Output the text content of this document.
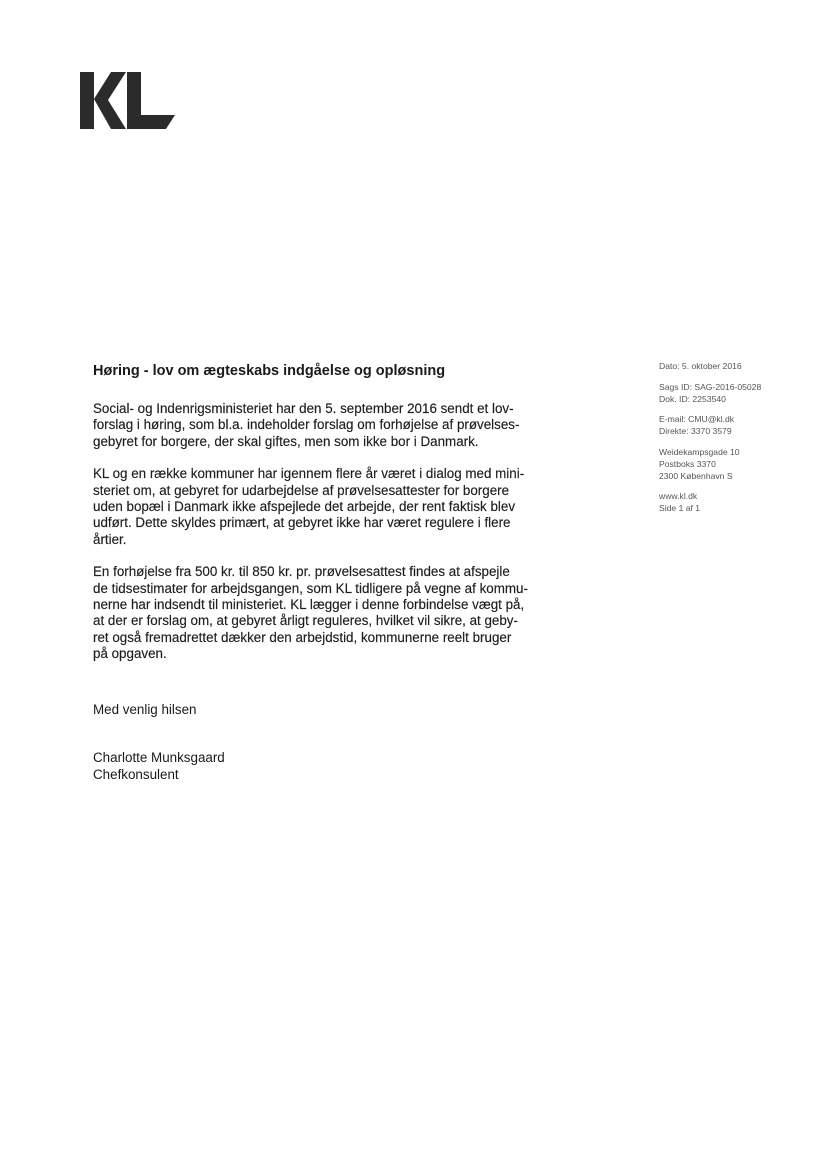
Høring - lov om ægteskabs indgåelse og opløsning

Social- og Indenrigsministeriet har den 5. september 2016 sendt et lov-
forslag i høring, som bl.a. indeholder forslag om forhøjelse af prøvelses-
gebyret for borgere, der skal giftes, men som ikke bor i Danmark.

KL og en række kommuner har igennem flere år været i dialog med mini-
steriet om, at gebyret for udarbejdelse af prøvelsesattester for borgere
uden bopæl i Danmark ikke afspejlede det arbejde, der rent faktisk blev
udført. Dette skyldes primært, at gebyret ikke har været regulere i flere
årtier.

En forhøjelse fra 500 kr. til 850 kr. pr. prøvelsesattest findes at afspejle
de tidsestimater for arbejdsgangen, som KL tidligere på vegne af kommu-
nerne har indsendt til ministeriet. KL lægger i denne forbindelse vægt på,
at der er forslag om, at gebyret årligt reguleres, hvilket vil sikre, at geby-
ret også fremadrettet dækker den arbejdstid, kommunerne reelt bruger
på opgaven.

Med venlig hilsen
Charlotte Munksgaard
Chefkonsulent
Dato: 5. oktober 2016
Sags ID: SAG-2016-05028
Dok. ID: 2253540
E-mail: CMU@kl.dk
Direkte: 3370 3579
Weidekampsgade 10
Postboks 3370
2300 København S
www.kl.dk
Side 1 af 1
